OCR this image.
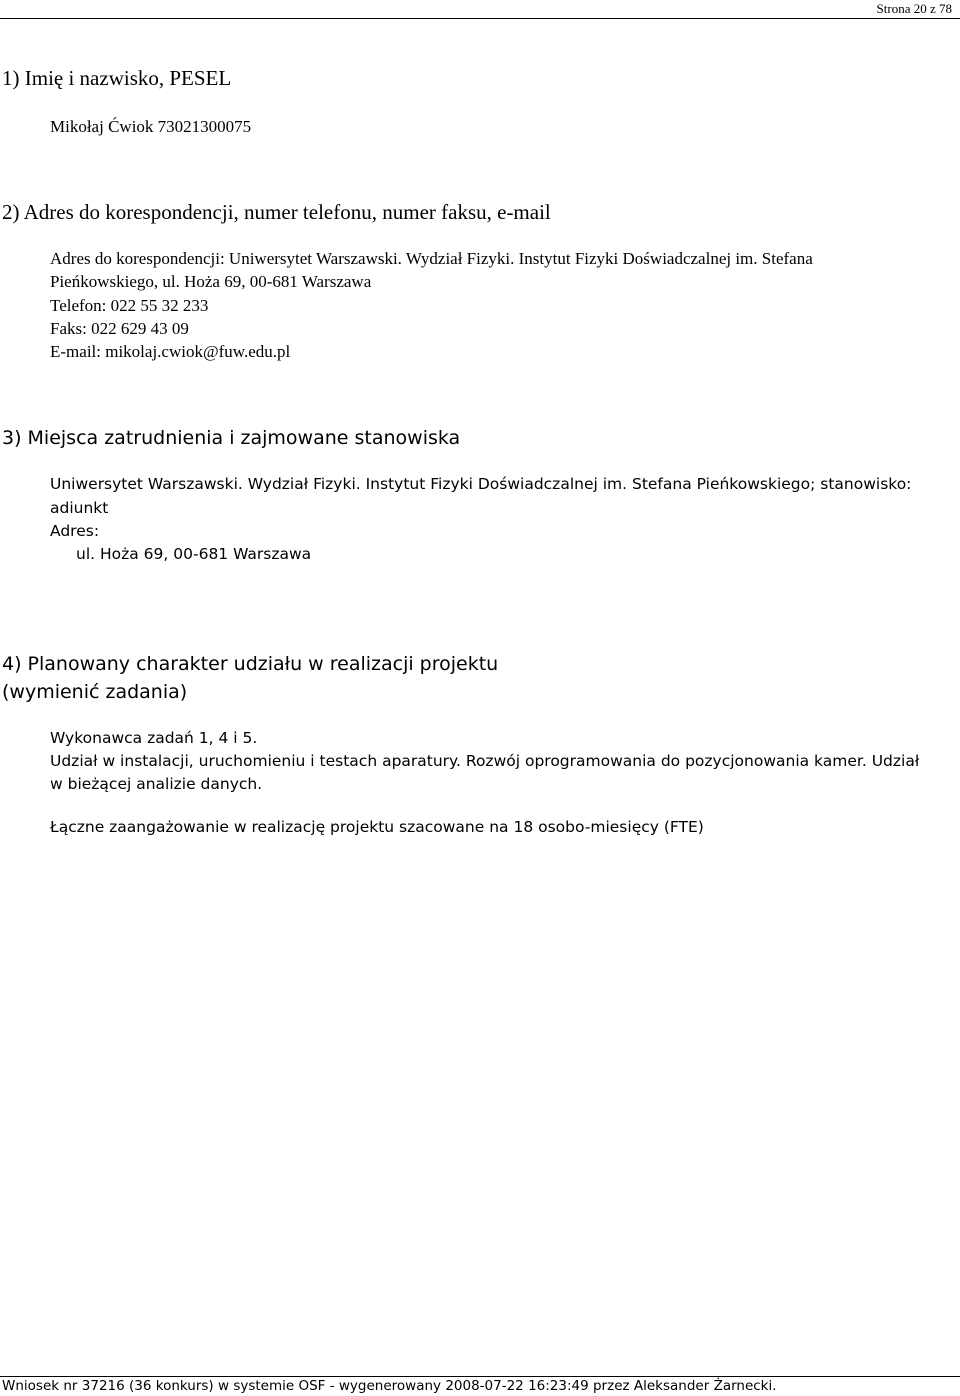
Strona 20 z 78
1) Imię i nazwisko, PESEL

Mikołaj Ćwiok 73021300075

2) Adres do korespondencji, numer telefonu, numer faksu, e-mail

Adres do korespondencji: Uniwersytet Warszawski. Wydział Fizyki. Instytut Fizyki Doświadczalnej im. Stefana

Pieńkowskiego, ul. Hoża 69, 00-681 Warszawa

Telefon: 022 55 32 233

Faks: 022 629 43 09

E-mail: mikolaj.cwiok@fuw.edu.pl

3) Miejsca zatrudnienia i zajmowane stanowiska

Uniwersytet Warszawski. Wydział Fizyki. Instytut Fizyki Doświadczalnej im. Stefana Pieńkowskiego; stanowisko:

adiunkt

Adres:

ul. Hoża 69, 00-681 Warszawa

4) Planowany charakter udziału w realizacji projektu
(wymienić zadania)

Wykonawca zadań 1, 4 i 5.

Udział w instalacji, uruchomieniu i testach aparatury. Rozwój oprogramowania do pozycjonowania kamer. Udział

w bieżącej analizie danych.

Łączne zaangażowanie w realizację projektu szacowane na 18 osobo-miesięcy (FTE)

Wniosek nr 37216 (36 konkurs) w systemie OSF - wygenerowany 2008-07-22 16:23:49 przez Aleksander Żarnecki.
